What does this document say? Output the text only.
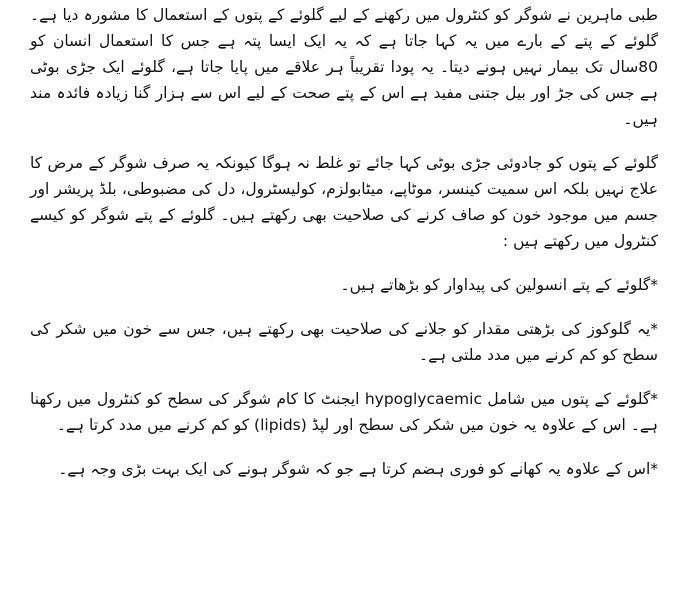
طبی ماہرین نے شوگر کو کنٹرول میں رکھنے کے لیے گلوئے کے پتوں کے استعمال کا مشورہ دیا ہے۔ گلوئے کے پتے کے بارے میں یہ کہا جاتا ہے کہ یہ ایک ایسا پتہ ہے جس کا استعمال انسان کو 80سال تک بیمار نہیں ہونے دیتا۔ یہ پودا تقریباً ہر علاقے میں پایا جاتا ہے، گلوئے ایک جڑی بوٹی ہے جس کی جڑ اور بیل جتنی مفید ہے اس کے پتے صحت کے لیے اس سے ہزار گنا زیادہ فائدہ مند ہیں۔

گلوئے کے پتوں کو جادوئی جڑی بوٹی کہا جائے تو غلط نہ ہوگا کیونکہ یہ صرف شوگر کے مرض کا علاج نہیں بلکہ اس سمیت کینسر، موٹاپے، میٹابولزم، کولیسٹرول، دل کی مضبوطی، بلڈ پریشر اور جسم میں موجود خون کو صاف کرنے کی صلاحیت بھی رکھتے ہیں۔ گلوئے کے پتے شوگر کو کیسے کنٹرول میں رکھتے ہیں :

*گلوئے کے پتے انسولین کی پیداوار کو بڑھاتے ہیں۔

*یہ گلوکوز کی بڑھتی مقدار کو جلانے کی صلاحیت بھی رکھتے ہیں، جس سے خون میں شکر کی سطح کو کم کرنے میں مدد ملتی ہے۔

*گلوئے کے پتوں میں شامل hypoglycaemic ایجنٹ کا کام شوگر کی سطح کو کنٹرول میں رکھنا ہے۔ اس کے علاوہ یہ خون میں شکر کی سطح اور لپڈ (lipids) کو کم کرنے میں مدد کرتا ہے۔

*اس کے علاوہ یہ کھانے کو فوری ہضم کرتا ہے جو کہ شوگر ہونے کی ایک بہت بڑی وجہ ہے۔
